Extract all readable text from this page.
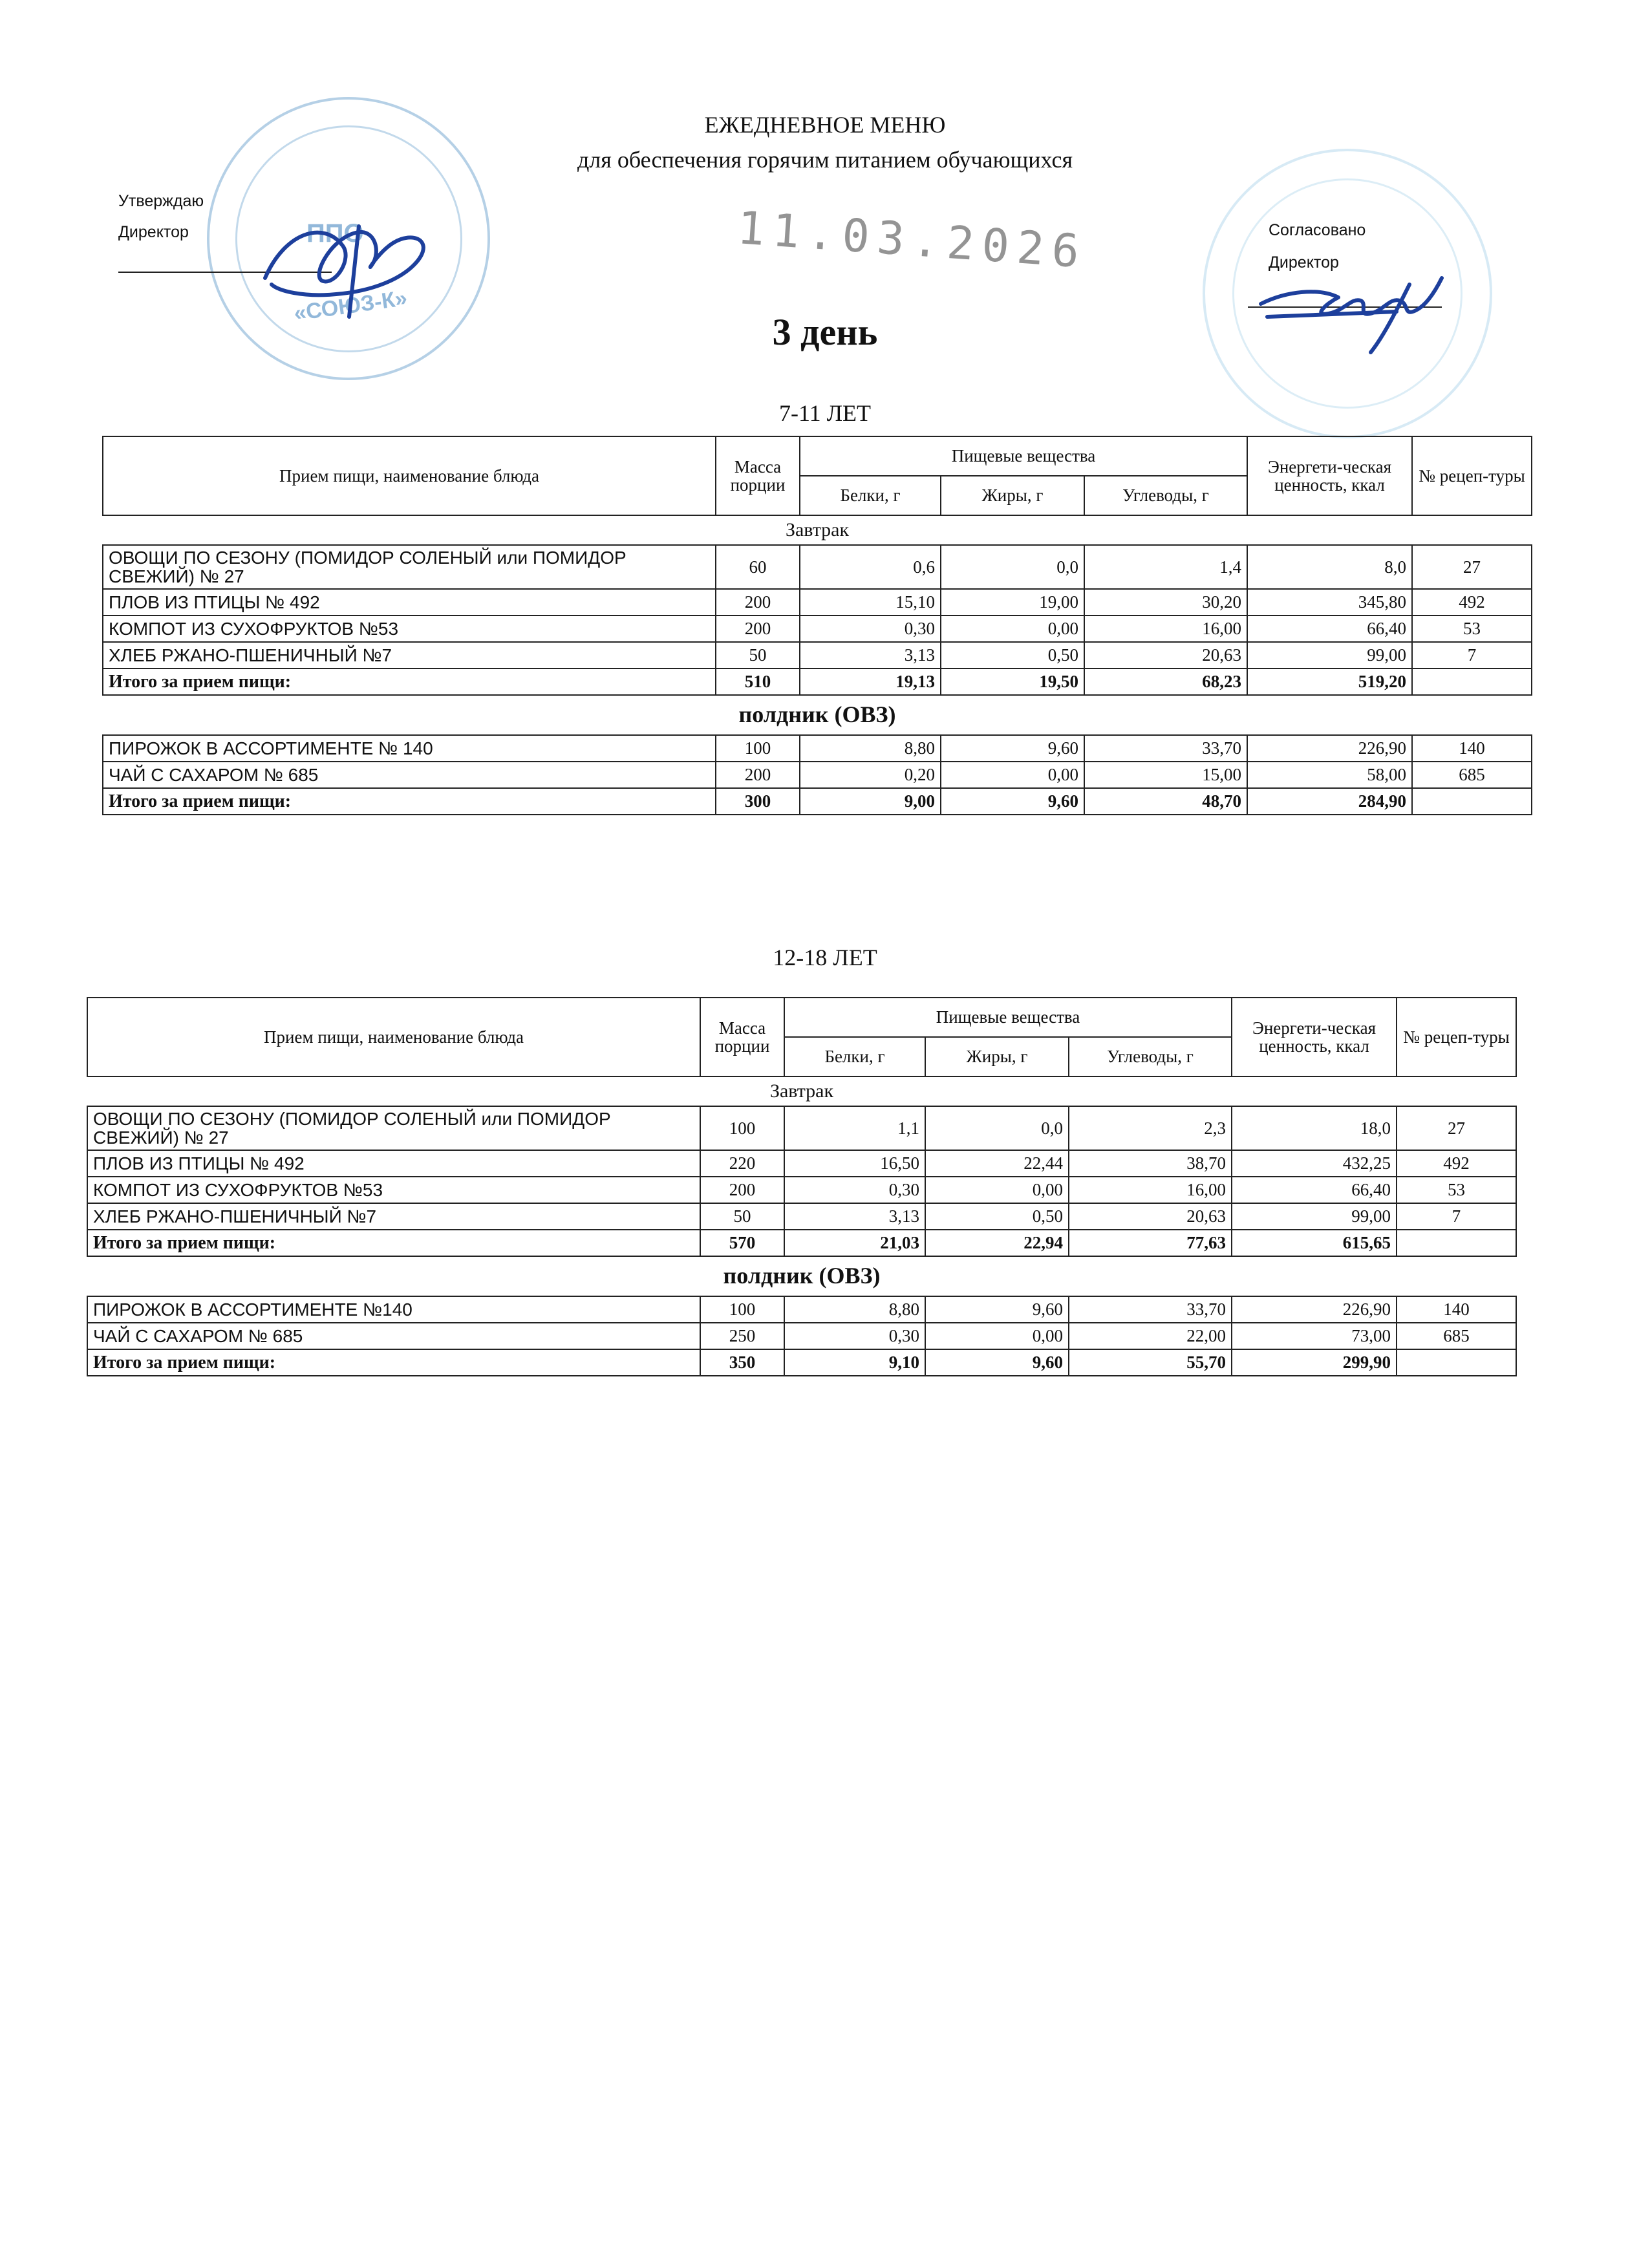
ЕЖЕДНЕВНОЕ МЕНЮ
для обеспечения горячим питанием обучающихся
ППО
«СОЮЗ-К»
Утверждаю
Директор	Согласовано
Директор
11.03.2026
3 день
7-11 ЛЕТ
Прием пищи, наименование блюда	Масса порции	Пищевые вещества			Энергети-ческая ценность, ккал	№ рецеп-туры
		Белки, г	Жиры, г	Углеводы, г		
Завтрак						
ОВОЩИ ПО СЕЗОНУ (ПОМИДОР СОЛЕНЫЙ или ПОМИДОР СВЕЖИЙ) № 27	60	0,6	0,0	1,4	8,0	27
ПЛОВ ИЗ ПТИЦЫ № 492	200	15,10	19,00	30,20	345,80	492
КОМПОТ ИЗ СУХОФРУКТОВ №53	200	0,30	0,00	16,00	66,40	53
ХЛЕБ РЖАНО-ПШЕНИЧНЫЙ №7	50	3,13	0,50	20,63	99,00	7
Итого за прием пищи:	510	19,13	19,50	68,23	519,20	
полдник (ОВЗ)						
ПИРОЖОК В АССОРТИМЕНТЕ № 140	100	8,80	9,60	33,70	226,90	140
ЧАЙ С САХАРОМ № 685	200	0,20	0,00	15,00	58,00	685
Итого за прием пищи:	300	9,00	9,60	48,70	284,90	
12-18 ЛЕТ
Прием пищи, наименование блюда	Масса порции	Пищевые вещества			Энергети-ческая ценность, ккал	№ рецеп-туры
		Белки, г	Жиры, г	Углеводы, г		
Завтрак						
ОВОЩИ ПО СЕЗОНУ (ПОМИДОР СОЛЕНЫЙ или ПОМИДОР СВЕЖИЙ) № 27	100	1,1	0,0	2,3	18,0	27
ПЛОВ ИЗ ПТИЦЫ № 492	220	16,50	22,44	38,70	432,25	492
КОМПОТ ИЗ СУХОФРУКТОВ №53	200	0,30	0,00	16,00	66,40	53
ХЛЕБ РЖАНО-ПШЕНИЧНЫЙ №7	50	3,13	0,50	20,63	99,00	7
Итого за прием пищи:	570	21,03	22,94	77,63	615,65	
полдник (ОВЗ)						
ПИРОЖОК В АССОРТИМЕНТЕ №140	100	8,80	9,60	33,70	226,90	140
ЧАЙ С САХАРОМ № 685	250	0,30	0,00	22,00	73,00	685
Итого за прием пищи:	350	9,10	9,60	55,70	299,90	
